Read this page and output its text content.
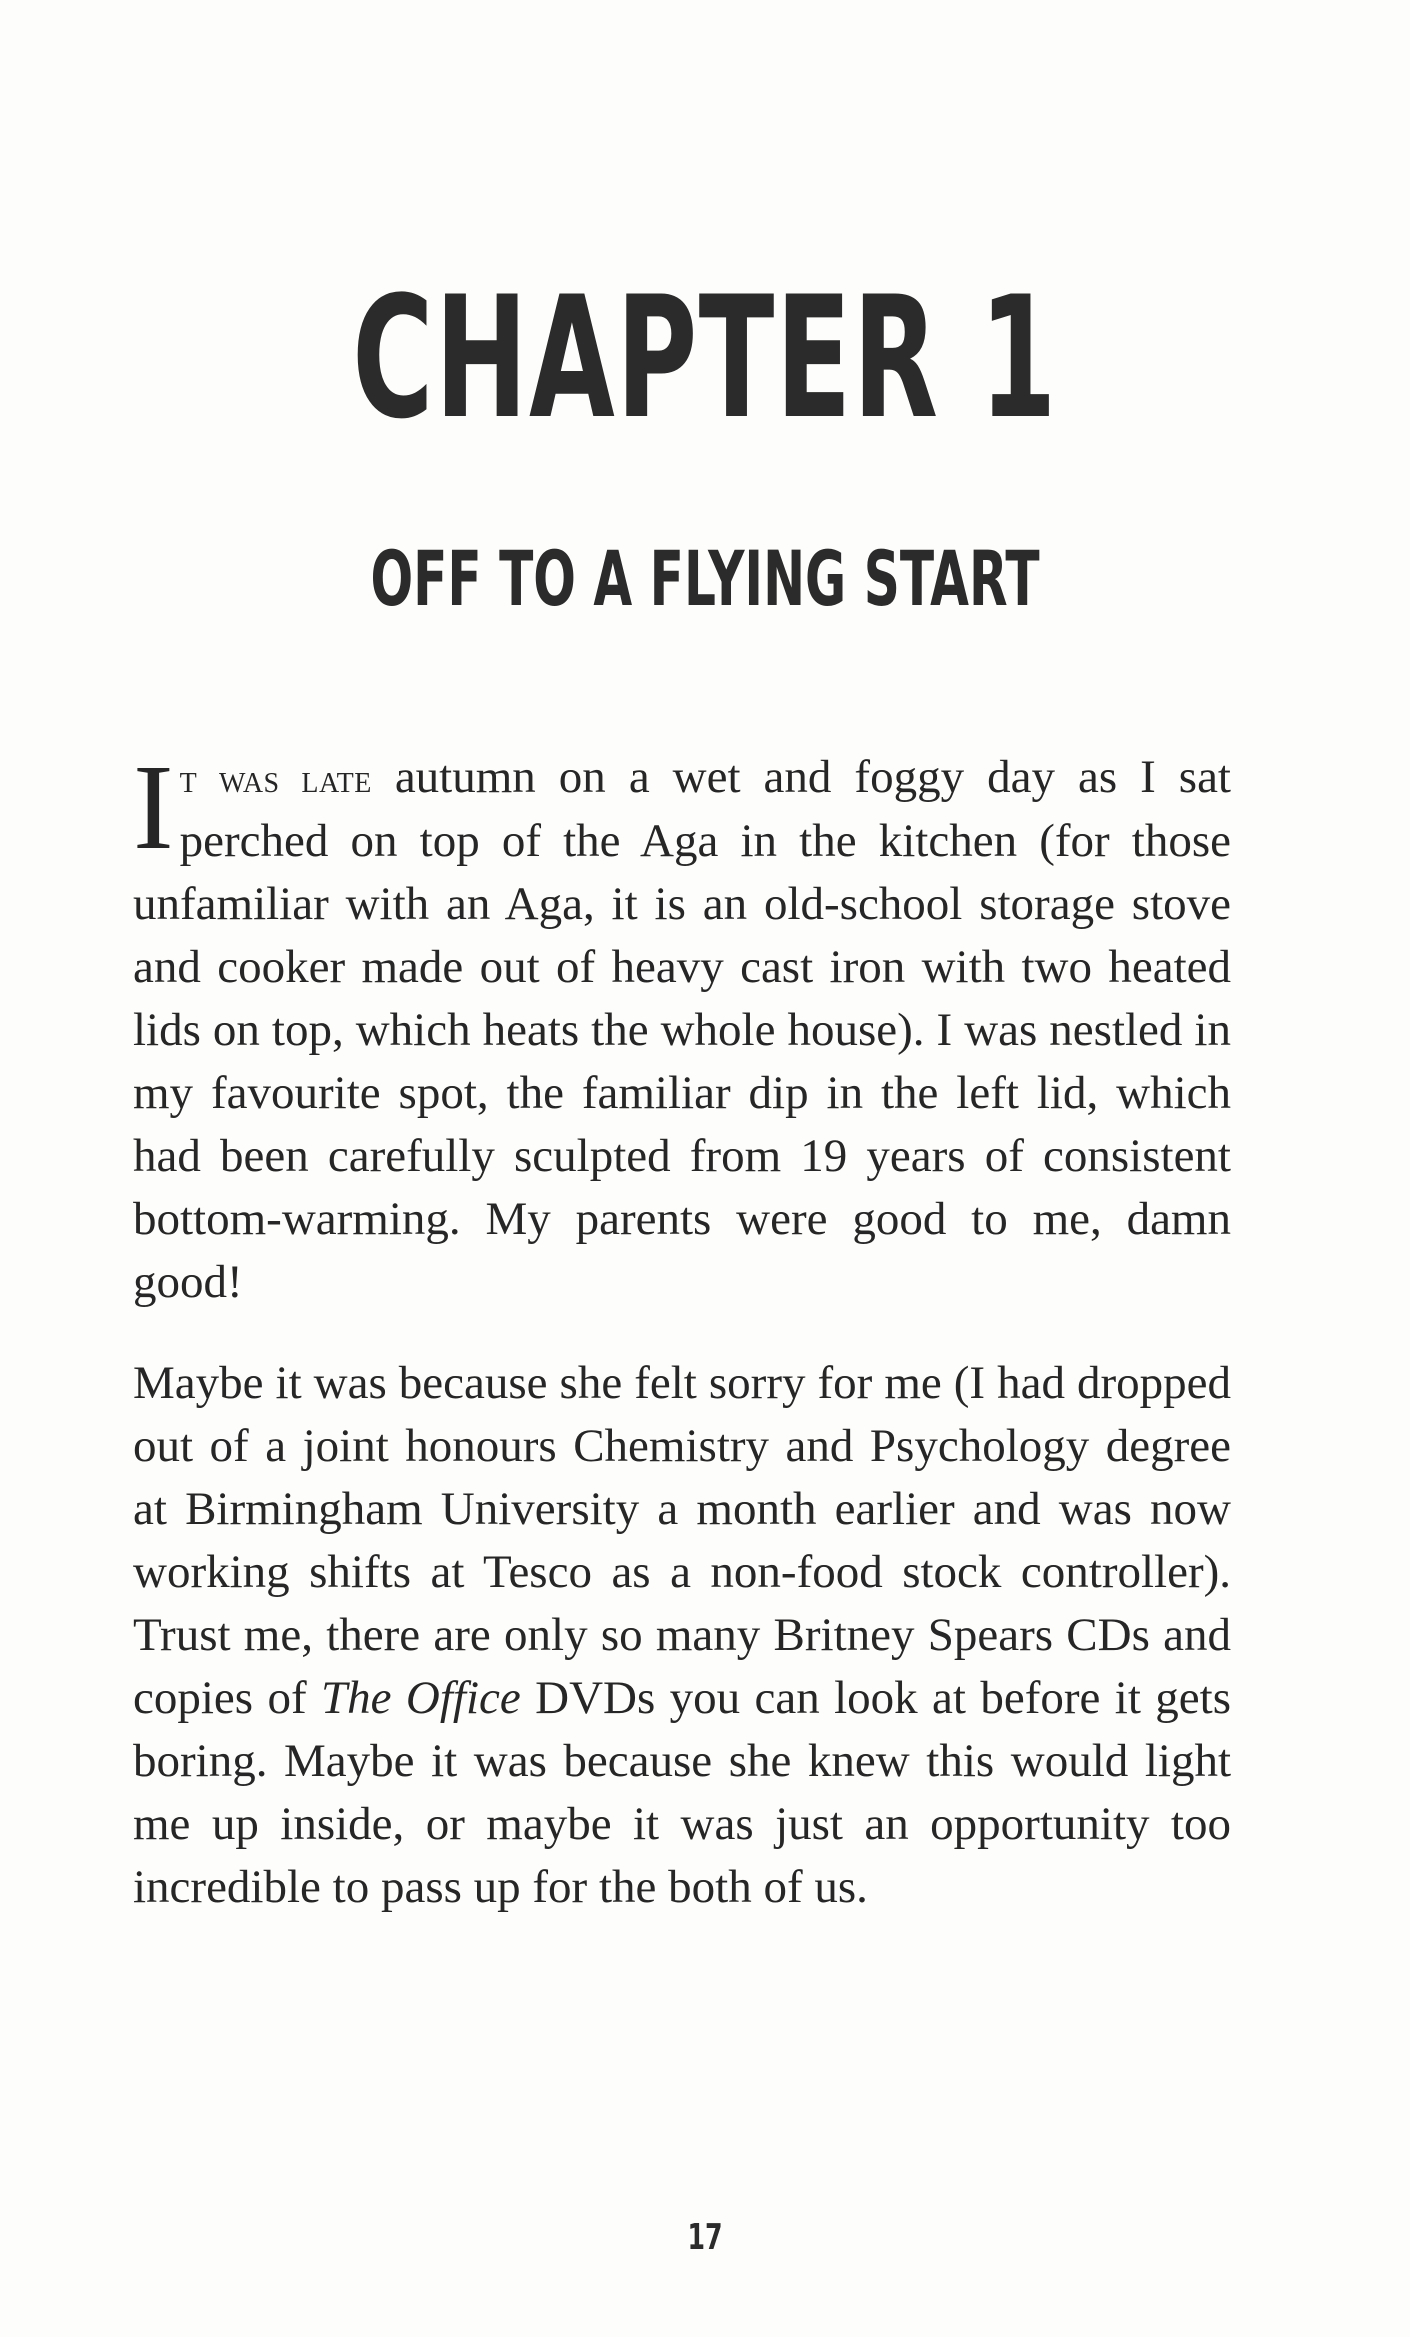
CHAPTER 1
OFF TO A FLYING START

It was late autumn on a wet and foggy day as I sat perched on top of the Aga in the kitchen (for those unfamiliar with an Aga, it is an old-school storage stove and cooker made out of heavy cast iron with two heated lids on top, which heats the whole house). I was nestled in my favourite spot, the familiar dip in the left lid, which had been carefully sculpted from 19 years of consistent bottom-warming. My parents were good to me, damn good!

Maybe it was because she felt sorry for me (I had dropped out of a joint honours Chemistry and Psychology degree at Birmingham University a month earlier and was now working shifts at Tesco as a non-food stock controller). Trust me, there are only so many Britney Spears CDs and copies of The Office DVDs you can look at before it gets boring. Maybe it was because she knew this would light me up inside, or maybe it was just an opportunity too incredible to pass up for the both of us.

17
